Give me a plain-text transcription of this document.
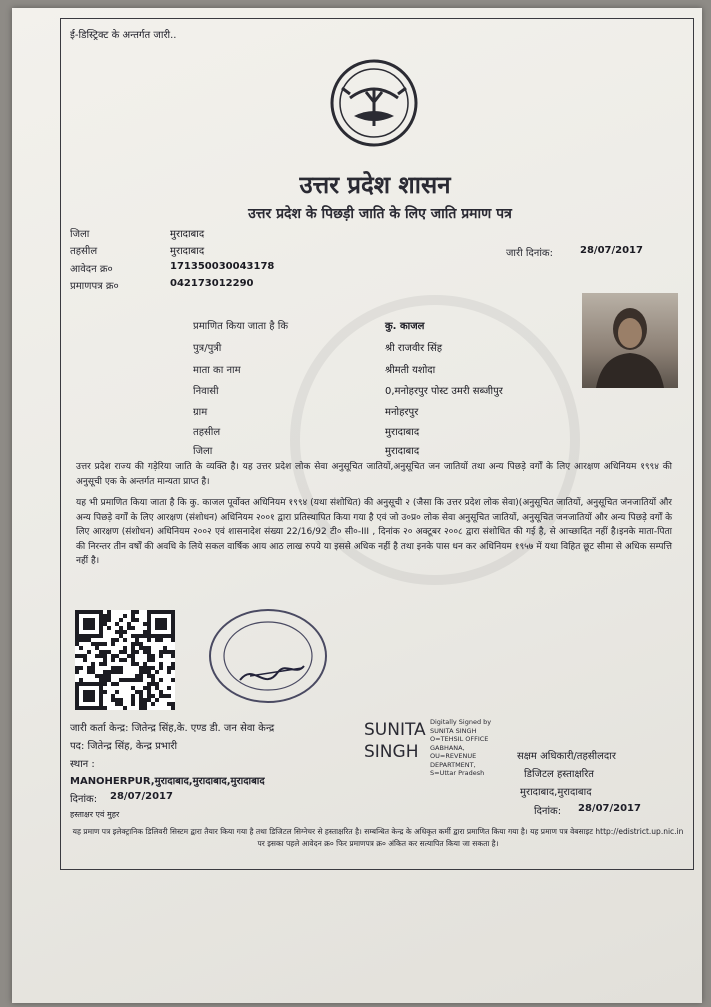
ई-डिस्ट्रिक्ट के अन्तर्गत जारी..
उत्तर प्रदेश शासन
उत्तर प्रदेश के पिछड़ी जाति के लिए जाति प्रमाण पत्र
जिला	मुरादाबाद
तहसील	मुरादाबाद
आवेदन क्र०	171350030043178
प्रमाणपत्र क्र०	042173012290
जारी दिनांक:	28/07/2017
प्रमाणित किया जाता है कि	कु. काजल
पुत्र/पुत्री	श्री राजवीर सिंह
माता का नाम	श्रीमती यशोदा
निवासी	0,मनोहरपुर पोस्ट उमरी सब्जीपुर
ग्राम	मनोहरपुर
तहसील	मुरादाबाद
जिला	मुरादाबाद
उत्तर प्रदेश राज्य की गड़ेरिया जाति के व्यक्ति है। यह उत्तर प्रदेश लोक सेवा अनुसूचित जातियों,अनुसूचित जन जातियों तथा अन्य पिछड़े वर्गों के लिए आरक्षण अधिनियम १९९४ की अनुसूची एक के अन्तर्गत मान्यता प्राप्त है।
यह भी प्रमाणित किया जाता है कि कु. काजल पूर्वोक्त अधिनियम १९९४ (यथा संशोधित) की अनुसूची २ (जैसा कि उत्तर प्रदेश लोक सेवा)(अनुसूचित जातियों, अनुसूचित जनजातियों और अन्य पिछड़े वर्गों के लिए आरक्षण (संशोधन) अधिनियम २००१ द्वारा प्रतिस्थापित किया गया है एवं जो उ०प्र० लोक सेवा अनुसूचित जातियों, अनुसूचित जनजातियों और अन्य पिछड़े वर्गों के लिए आरक्षण (संशोधन) अधिनियम २००२ एवं शासनादेश संख्या 22/16/92 टी० सी०-III , दिनांक २० अक्टूबर २००८ द्वारा संशोधित की गई है, से आच्छादित नहीं है।इनके माता-पिता की निरन्तर तीन वर्षों की अवधि के लिये सकल वार्षिक आय आठ लाख रुपये या इससे अधिक नहीं है तथा इनके पास धन कर अधिनियम १९५७ में यथा विहित छूट सीमा से अधिक सम्पत्ति नहीं है।
जारी कर्ता केन्द्र: जितेन्द्र सिंह,के. एण्ड डी. जन सेवा केन्द्र
पद: जितेन्द्र सिंह, केन्द्र प्रभारी
स्थान :
MANOHERPUR,मुरादाबाद,मुरादाबाद,मुरादाबाद
दिनांक: 28/07/2017
हस्ताक्षर एवं मुहर
SUNITA
SINGH
Digitally Signed by
SUNITA SINGH
O=TEHSIL OFFICE
GABHANA,
OU=REVENUE
DEPARTMENT,
S=Uttar Pradesh
सक्षम अधिकारी/तहसीलदार
डिजिटल हस्ताक्षरित
मुरादाबाद,मुरादाबाद
दिनांक: 28/07/2017
यह प्रमाण पत्र इलेक्ट्रानिक डिलिवरी सिस्टम द्वारा तैयार किया गया है तथा डिजिटल सिग्नेचर से हस्ताक्षरित है। सम्बन्धित केन्द्र के अधिकृत कर्मी द्वारा प्रमाणित किया गया है। यह प्रमाण पत्र वेबसाइट http://edistrict.up.nic.in पर इसका पहले आवेदन क्र० फिर प्रमाणपत्र क्र० अंकित कर सत्यापित किया जा सकता है।
